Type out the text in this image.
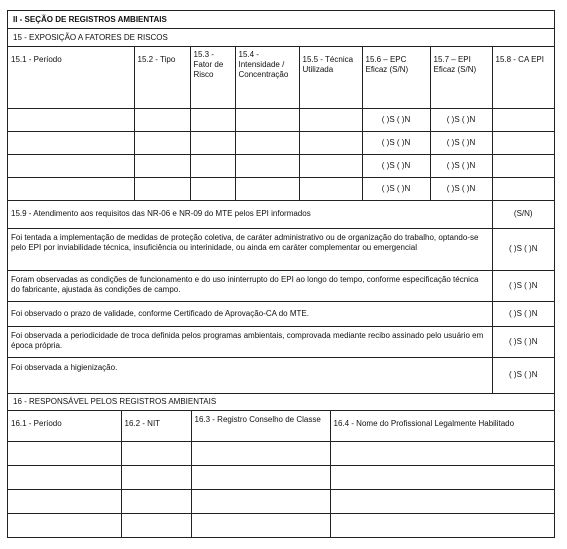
II - SEÇÃO DE REGISTROS AMBIENTAIS
15 - EXPOSIÇÃO A FATORES DE RISCOS
15.1 - Período	15.2 - Tipo	15.3 - Fator de Risco	15.4 - Intensidade / Concentração	15.5 - Técnica Utilizada	15.6 – EPC Eficaz (S/N)	15.7 – EPI Eficaz (S/N)	15.8 - CA EPI
					( )S ( )N	( )S ( )N	
					( )S ( )N	( )S ( )N	
					( )S ( )N	( )S ( )N	
					( )S ( )N	( )S ( )N	
15.9 - Atendimento aos requisitos das NR-06 e NR-09 do MTE pelos EPI informados	(S/N)
Foi tentada a implementação de medidas de proteção coletiva, de caráter administrativo ou de organização do trabalho, optando-se pelo EPI por inviabilidade técnica, insuficiência ou interinidade, ou ainda em caráter complementar ou emergencial	( )S ( )N
Foram observadas as condições de funcionamento e do uso ininterrupto do EPI ao longo do tempo, conforme especificação técnica do fabricante, ajustada às condições de campo.	( )S ( )N
Foi observado o prazo de validade, conforme Certificado de Aprovação-CA do MTE.	( )S ( )N
Foi observada a periodicidade de troca definida pelos programas ambientais, comprovada mediante recibo assinado pelo usuário em época própria.	( )S ( )N
Foi observada a higienização.	( )S ( )N
16 - RESPONSÁVEL PELOS REGISTROS AMBIENTAIS
16.1 - Período	16.2 - NIT	16.3 - Registro Conselho de Classe	16.4 - Nome do Profissional Legalmente Habilitado
